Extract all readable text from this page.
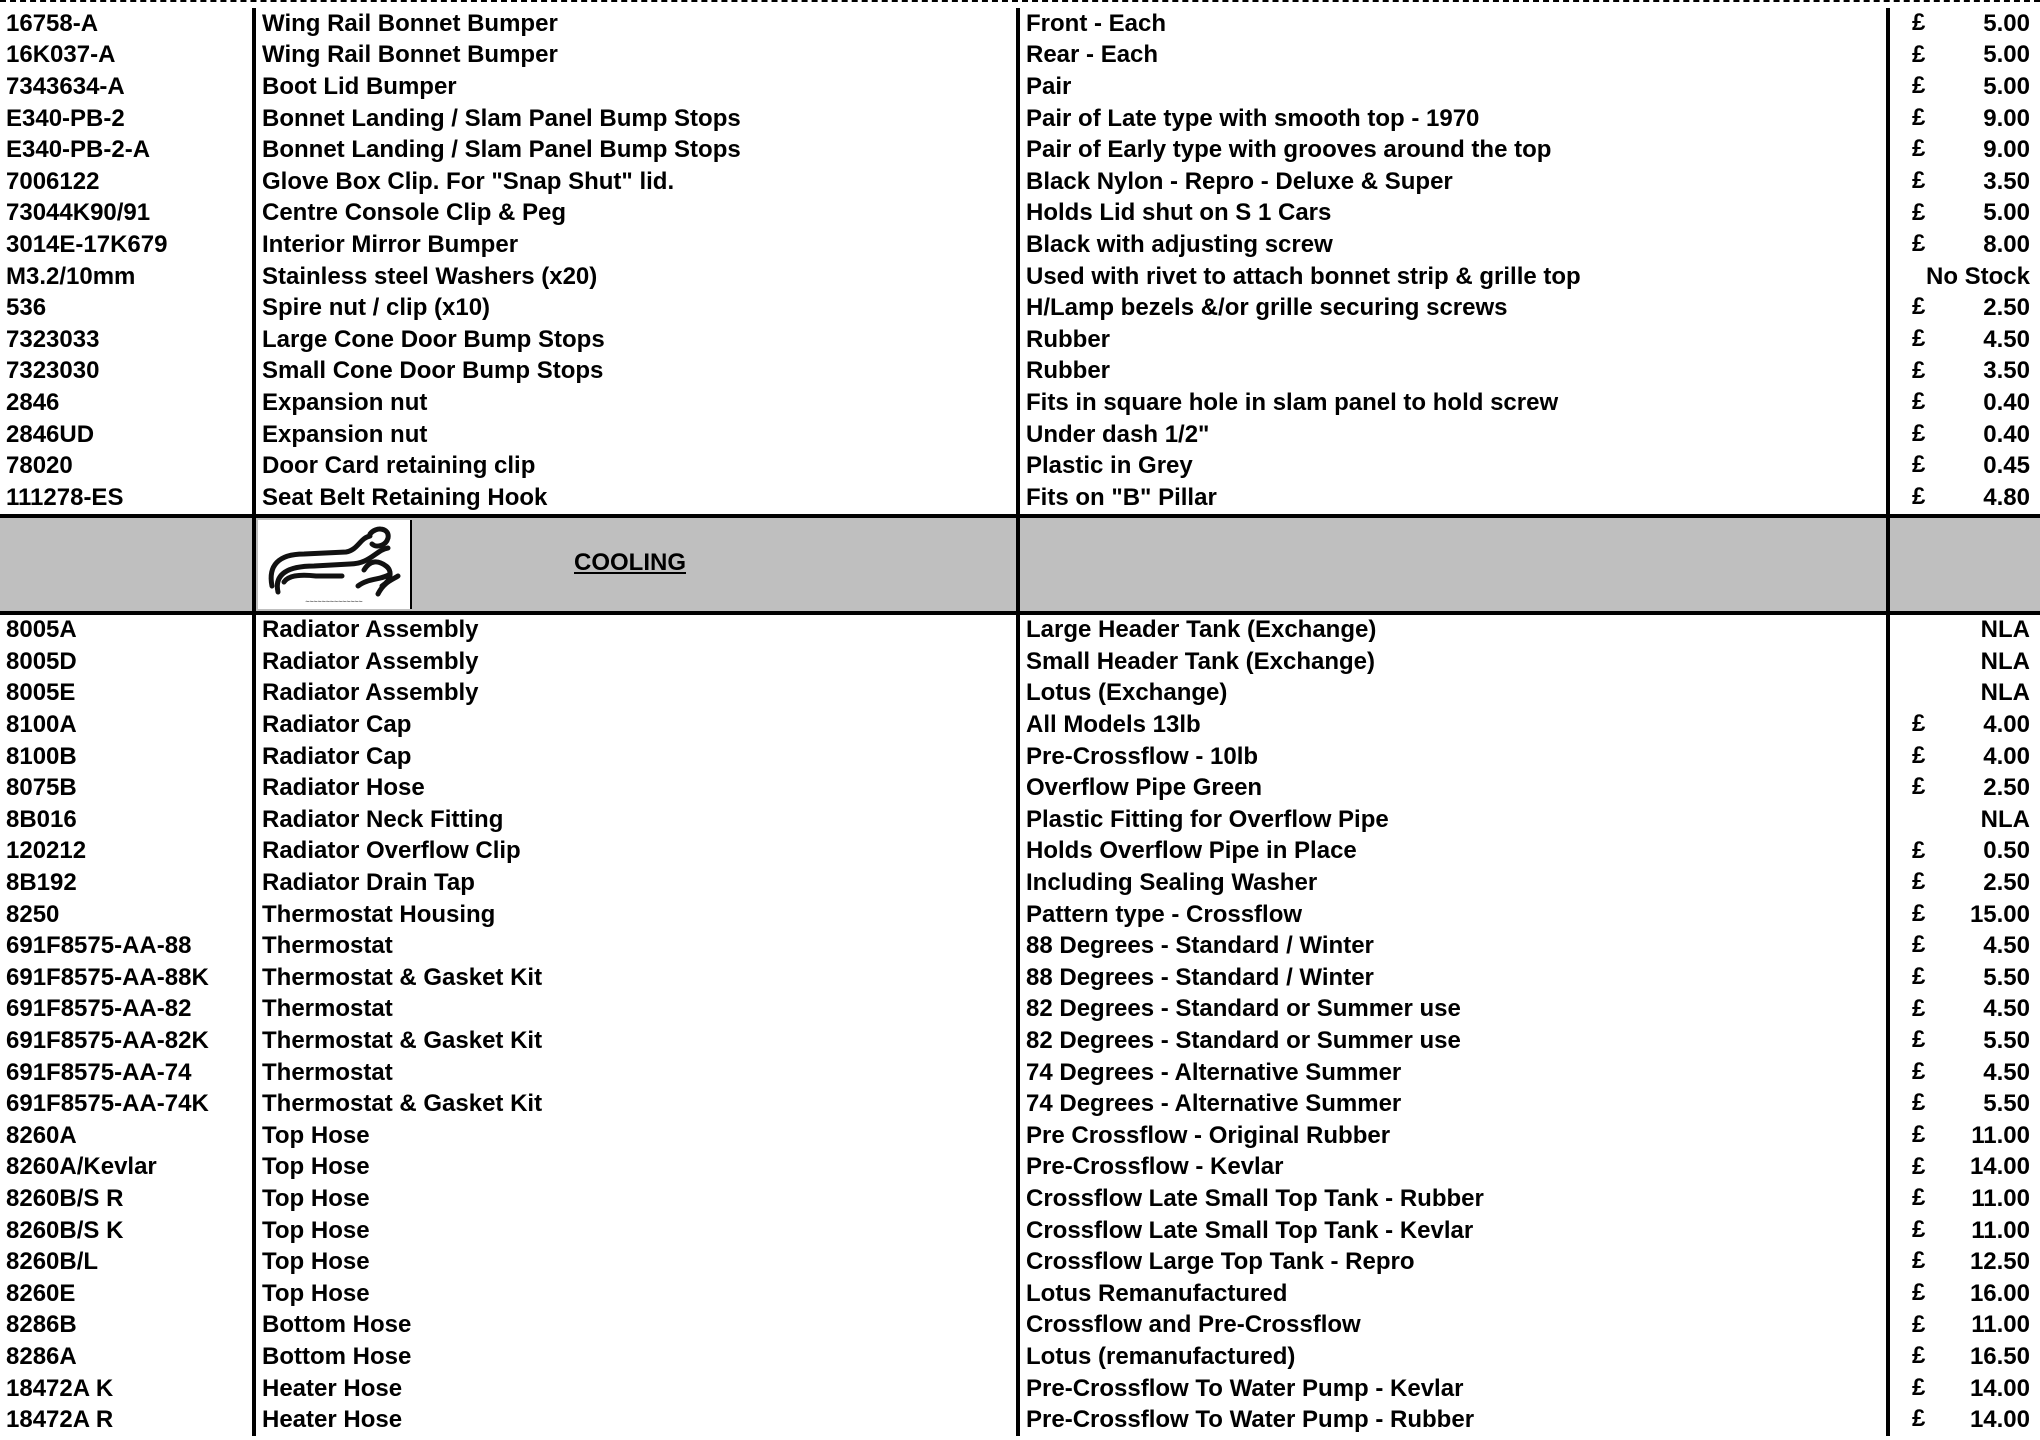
16758-A	Wing Rail Bonnet Bumper	Front - Each	£ 5.00
16K037-A	Wing Rail Bonnet Bumper	Rear - Each	£ 5.00
7343634-A	Boot Lid Bumper	Pair	£ 5.00
E340-PB-2	Bonnet Landing / Slam Panel Bump Stops	Pair of Late type with smooth top - 1970	£ 9.00
E340-PB-2-A	Bonnet Landing / Slam Panel Bump Stops	Pair of Early type with grooves around the top	£ 9.00
7006122	Glove Box Clip. For "Snap Shut" lid.	Black Nylon - Repro - Deluxe & Super	£ 3.50
73044K90/91	Centre Console Clip & Peg	Holds Lid shut on S 1 Cars	£ 5.00
3014E-17K679	Interior Mirror Bumper	Black with adjusting screw	£ 8.00
M3.2/10mm	Stainless steel Washers (x20)	Used with rivet to attach bonnet strip & grille top	No Stock
536	Spire nut / clip (x10)	H/Lamp bezels &/or grille securing screws	£ 2.50
7323033	Large Cone Door Bump Stops	Rubber	£ 4.50
7323030	Small Cone Door Bump Stops	Rubber	£ 3.50
2846	Expansion nut	Fits in square hole in slam panel to hold screw	£ 0.40
2846UD	Expansion nut	Under dash 1/2"	£ 0.40
78020	Door Card retaining clip	Plastic in Grey	£ 0.45
111278-ES	Seat Belt Retaining Hook	Fits on "B" Pillar	£ 4.80

~~~~~~~~~~~~~~
COOLING		

8005A	Radiator Assembly	Large Header Tank (Exchange)	NLA
8005D	Radiator Assembly	Small Header Tank (Exchange)	NLA
8005E	Radiator Assembly	Lotus (Exchange)	NLA
8100A	Radiator Cap	All Models 13lb	£ 4.00
8100B	Radiator Cap	Pre-Crossflow - 10lb	£ 4.00
8075B	Radiator Hose	Overflow Pipe Green	£ 2.50
8B016	Radiator Neck Fitting	Plastic Fitting for Overflow Pipe	NLA
120212	Radiator Overflow Clip	Holds Overflow Pipe in Place	£ 0.50
8B192	Radiator Drain Tap	Including Sealing Washer	£ 2.50
8250	Thermostat Housing	Pattern type - Crossflow	£ 15.00
691F8575-AA-88	Thermostat	88 Degrees - Standard / Winter	£ 4.50
691F8575-AA-88K	Thermostat & Gasket Kit	88 Degrees - Standard / Winter	£ 5.50
691F8575-AA-82	Thermostat	82 Degrees - Standard or Summer use	£ 4.50
691F8575-AA-82K	Thermostat & Gasket Kit	82 Degrees - Standard or Summer use	£ 5.50
691F8575-AA-74	Thermostat	74 Degrees - Alternative Summer	£ 4.50
691F8575-AA-74K	Thermostat & Gasket Kit	74 Degrees - Alternative Summer	£ 5.50
8260A	Top Hose	Pre Crossflow - Original Rubber	£ 11.00
8260A/Kevlar	Top Hose	Pre-Crossflow - Kevlar	£ 14.00
8260B/S R	Top Hose	Crossflow Late Small Top Tank - Rubber	£ 11.00
8260B/S K	Top Hose	Crossflow Late Small Top Tank - Kevlar	£ 11.00
8260B/L	Top Hose	Crossflow Large Top Tank - Repro	£ 12.50
8260E	Top Hose	Lotus Remanufactured	£ 16.00
8286B	Bottom Hose	Crossflow and Pre-Crossflow	£ 11.00
8286A	Bottom Hose	Lotus (remanufactured)	£ 16.50
18472A K	Heater Hose	Pre-Crossflow To Water Pump - Kevlar	£ 14.00
18472A R	Heater Hose	Pre-Crossflow To Water Pump - Rubber	£ 14.00
